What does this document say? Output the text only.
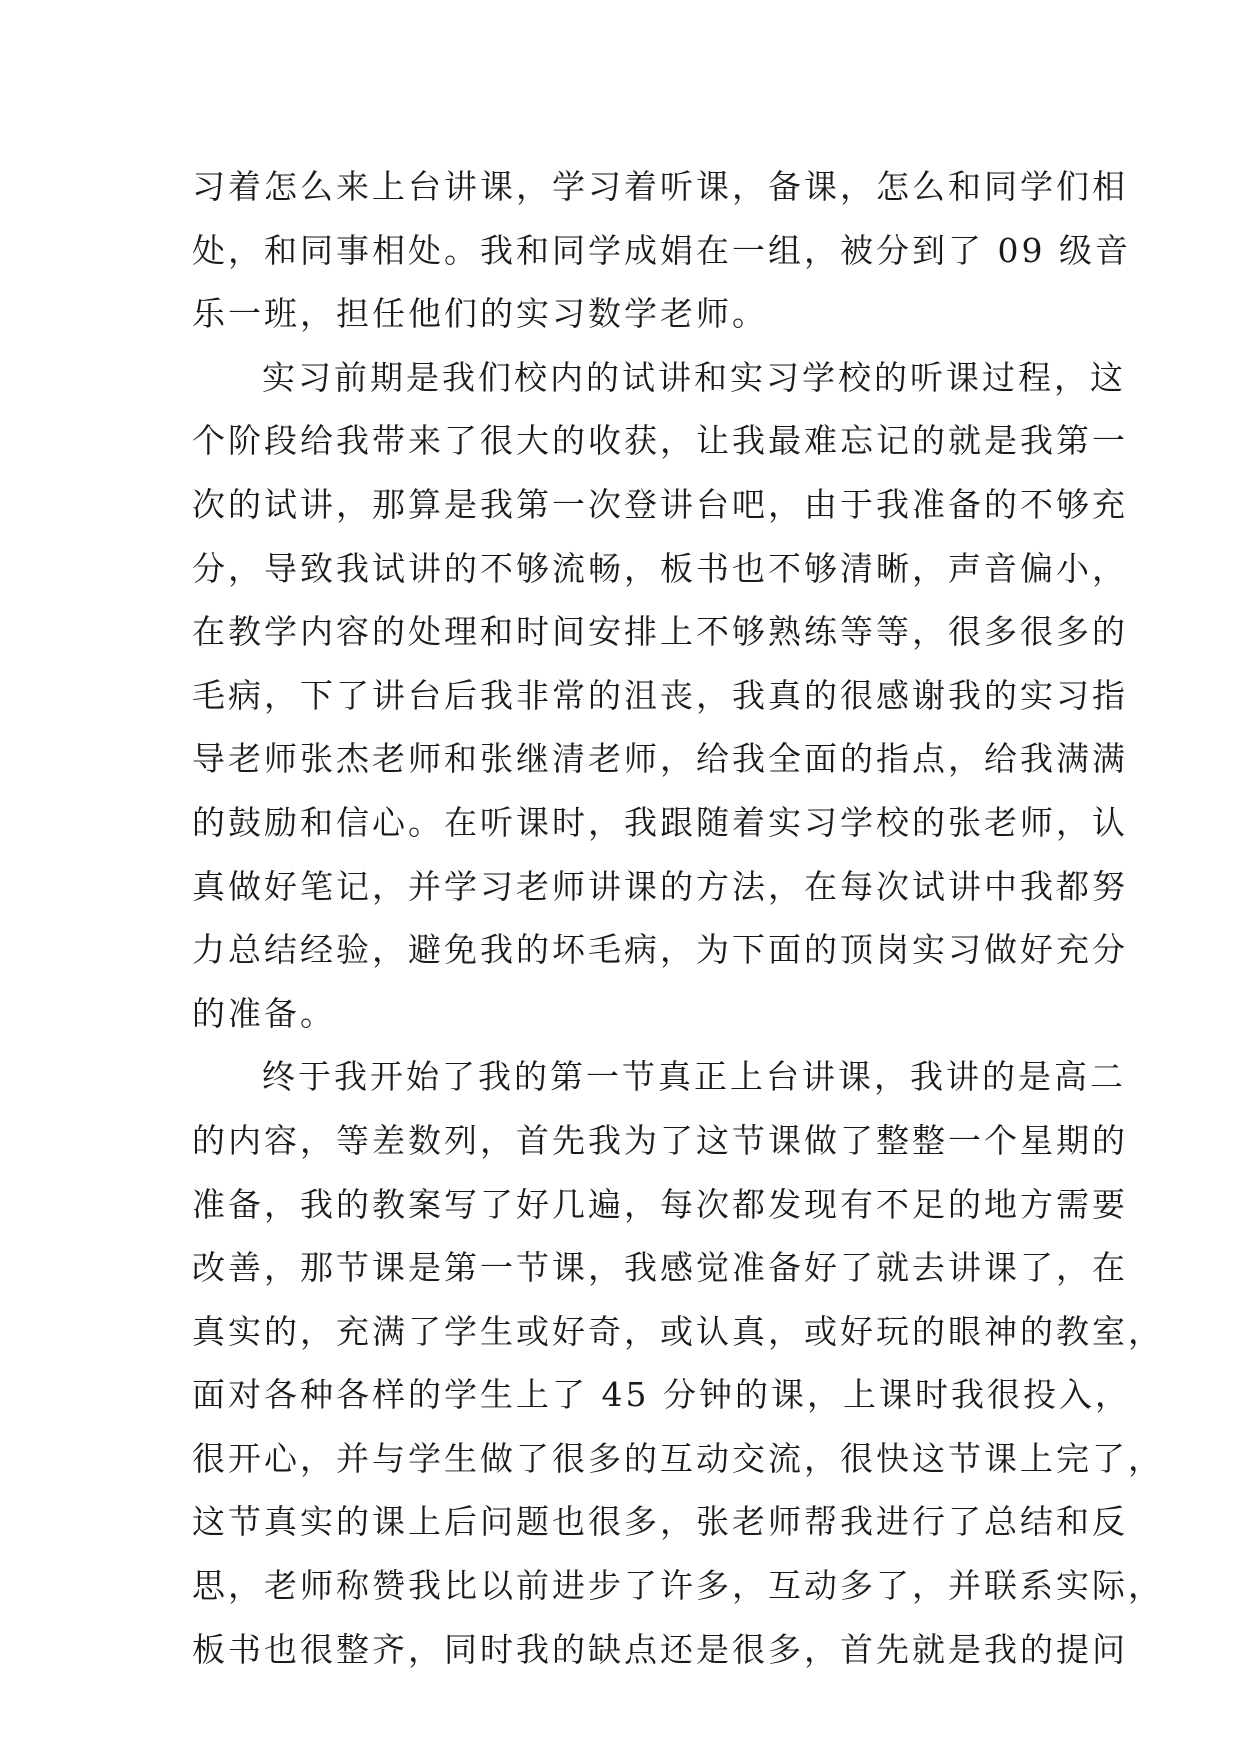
习着怎么来上台讲课，学习着听课，备课，怎么和同学们相
处，和同事相处。我和同学成娟在一组，被分到了 09 级音
乐一班，担任他们的实习数学老师。
实习前期是我们校内的试讲和实习学校的听课过程，这
个阶段给我带来了很大的收获，让我最难忘记的就是我第一
次的试讲，那算是我第一次登讲台吧，由于我准备的不够充
分，导致我试讲的不够流畅，板书也不够清晰，声音偏小，
在教学内容的处理和时间安排上不够熟练等等，很多很多的
毛病，下了讲台后我非常的沮丧，我真的很感谢我的实习指
导老师张杰老师和张继清老师，给我全面的指点，给我满满
的鼓励和信心。在听课时，我跟随着实习学校的张老师，认
真做好笔记，并学习老师讲课的方法，在每次试讲中我都努
力总结经验，避免我的坏毛病，为下面的顶岗实习做好充分
的准备。
终于我开始了我的第一节真正上台讲课，我讲的是高二
的内容，等差数列，首先我为了这节课做了整整一个星期的
准备，我的教案写了好几遍，每次都发现有不足的地方需要
改善，那节课是第一节课，我感觉准备好了就去讲课了，在
真实的，充满了学生或好奇，或认真，或好玩的眼神的教室，
面对各种各样的学生上了 45 分钟的课，上课时我很投入，
很开心，并与学生做了很多的互动交流，很快这节课上完了，
这节真实的课上后问题也很多，张老师帮我进行了总结和反
思，老师称赞我比以前进步了许多，互动多了，并联系实际，
板书也很整齐，同时我的缺点还是很多，首先就是我的提问
